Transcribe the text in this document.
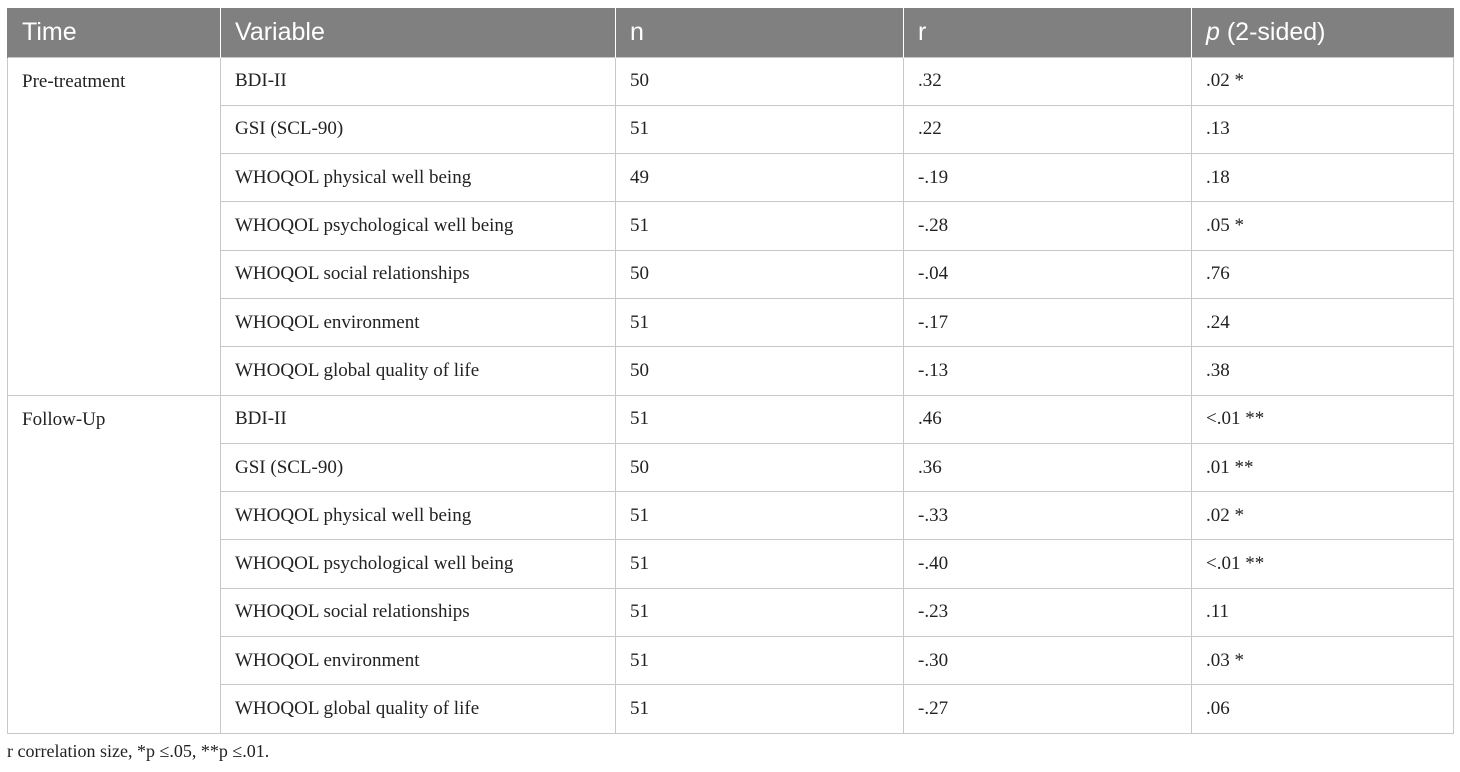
Time	Variable	n	r	p (2-sided)
Pre-treatment	BDI-II	50	.32	.02 *
	GSI (SCL-90)	51	.22	.13
	WHOQOL physical well being	49	-.19	.18
	WHOQOL psychological well being	51	-.28	.05 *
	WHOQOL social relationships	50	-.04	.76
	WHOQOL environment	51	-.17	.24
	WHOQOL global quality of life	50	-.13	.38
Follow-Up	BDI-II	51	.46	<.01 **
	GSI (SCL-90)	50	.36	.01 **
	WHOQOL physical well being	51	-.33	.02 *
	WHOQOL psychological well being	51	-.40	<.01 **
	WHOQOL social relationships	51	-.23	.11
	WHOQOL environment	51	-.30	.03 *
	WHOQOL global quality of life	51	-.27	.06
r correlation size, *p ≤.05, **p ≤.01.
